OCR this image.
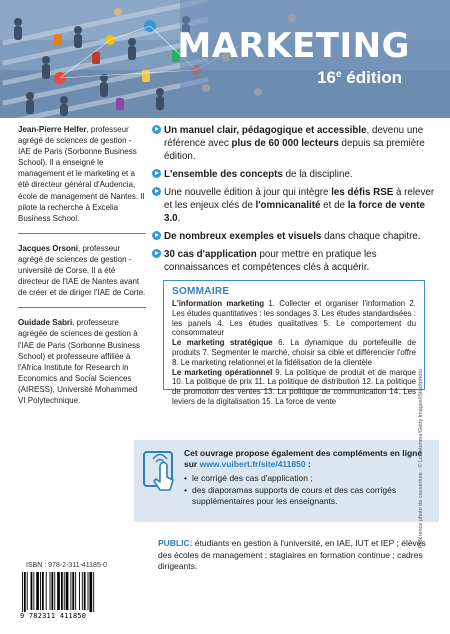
MARKETING
16e édition
Jean-Pierre Helfer, professeur agrégé de sciences de gestion - IAE de Paris (Sorbonne Business School). Il a enseigné le management et le marketing et a été directeur général d'Audencia, école de management de Nantes. Il pilote la recherche à Excelia Business School.
Jacques Orsoni, professeur agrégé de sciences de gestion - université de Corse. Il a été directeur de l'IAE de Nantes avant de créer et de diriger l'IAE de Corte.
Ouidade Sabri, professeure agrégée de sciences de gestion à l'IAE de Paris (Sorbonne Business School) et professeure affiliée à l'Africa Institute for Research in Economics and Social Sciences (AIRESS), Université Mohammed VI Polytechnique.
Un manuel clair, pédagogique et accessible, devenu une référence avec plus de 60 000 lecteurs depuis sa première édition.
L'ensemble des concepts de la discipline.
Une nouvelle édition à jour qui intègre les défis RSE à relever et les enjeux clés de l'omnicanalité et de la force de vente 3.0.
De nombreux exemples et visuels dans chaque chapitre.
30 cas d'application pour mettre en pratique les connaissances et compétences clés à acquérir.
SOMMAIRE
L'information marketing 1. Collecter et organiser l'information 2. Les études quantitatives : les sondages 3. Les études standardisées : les panels 4. Les études qualitatives 5. Le comportement du consommateur
Le marketing stratégique 6. La dynamique du portefeuille de produits 7. Segmenter le marché, choisir sa cible et différencier l'offre 8. Le marketing relationnel et la fidélisation de la clientèle
Le marketing opérationnel 9. La politique de produit et de marque 10. La politique de prix 11. La politique de distribution 12. La politique de promotion des ventes 13. La politique de communication 14. Les leviers de la digitalisation 15. La force de vente
Cet ouvrage propose également des compléments en ligne sur www.vuibert.fr/site/411850 :
• le corrigé des cas d'application ;
• des diaporamas supports de cours et des cas corrigés supplémentaires pour les enseignants.
PUBLIC: étudiants en gestion à l'université, en IAE, IUT et IEP ; élèves des écoles de management ; stagiaires en formation continue ; cadres dirigeants.
Référence photo de couverture : © Lcoletonme/Getty Images/iStockphoto
ISBN : 978-2-311-41185-0
9 782311 411850
